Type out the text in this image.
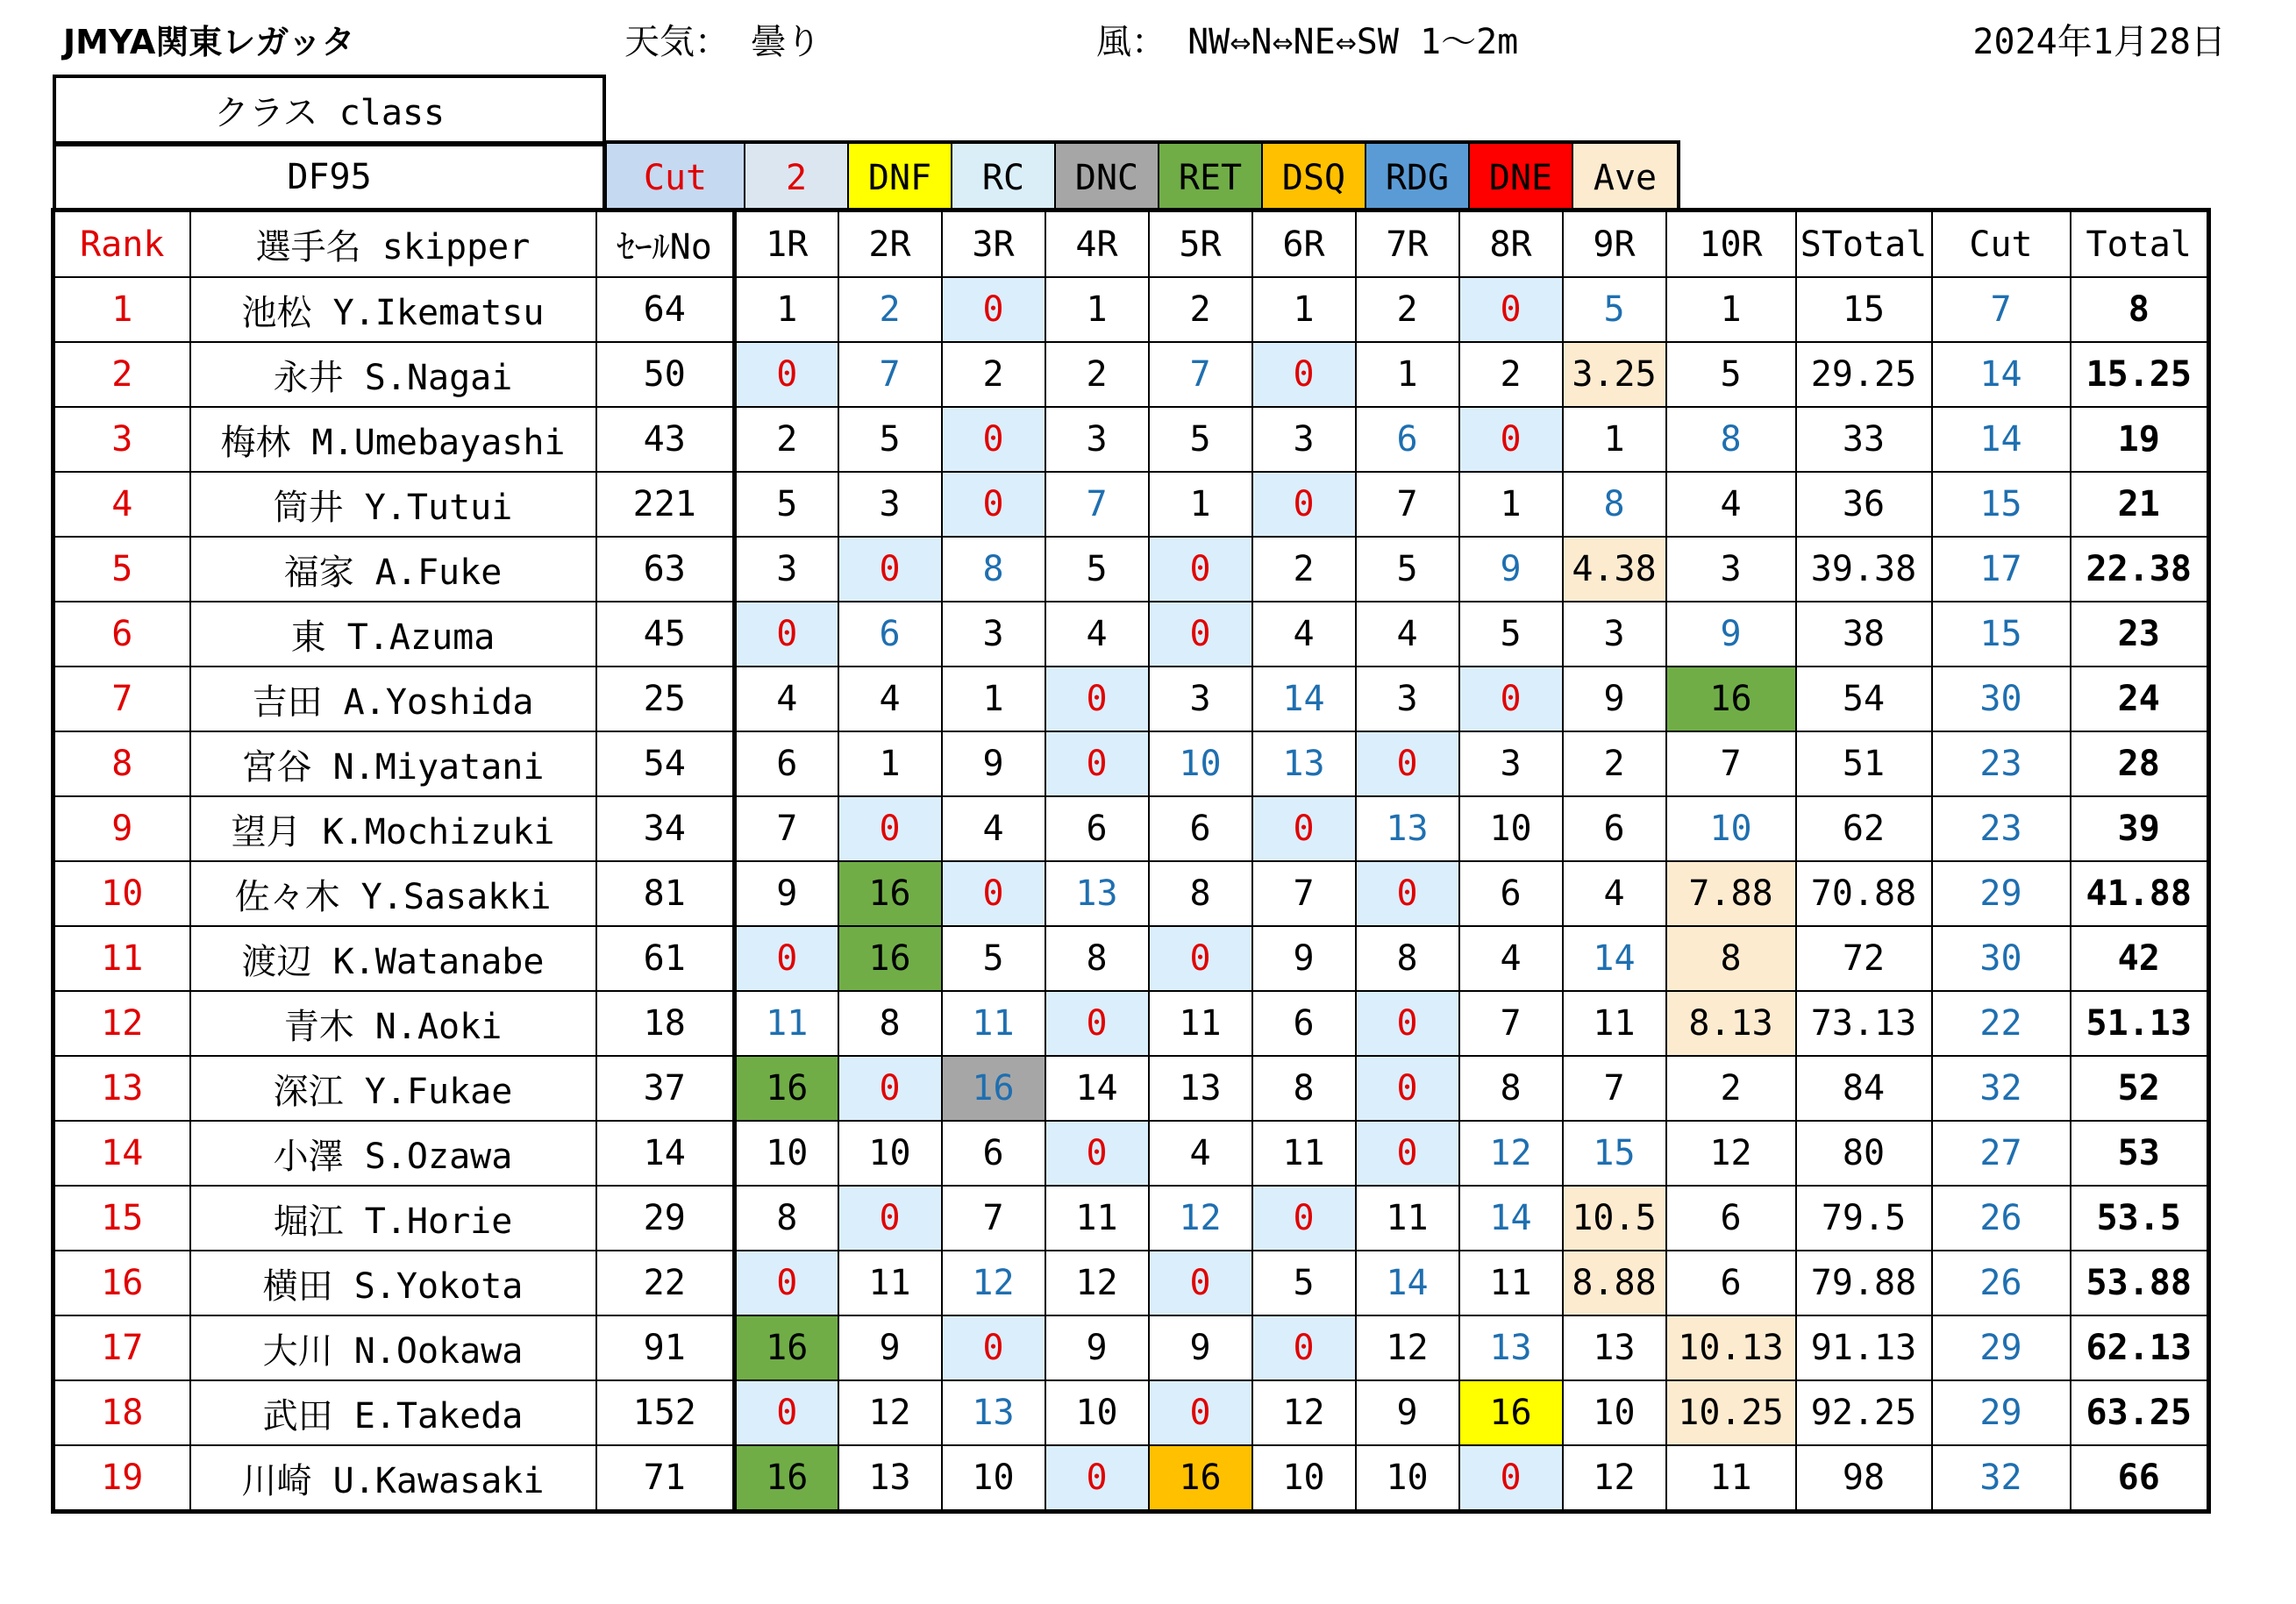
JMYA関東レガッタ	天気： 曇り	風： NW⇔N⇔NE⇔SW 1～2m	2024年1月28日
クラス class
DF95	Cut	2	DNF	RC	DNC	RET	DSQ	RDG	DNE	Ave
Rank	選手名 skipper	ｾｰﾙNo	1R	2R	3R	4R	5R	6R	7R	8R	9R	10R	STotal	Cut	Total
1	池松 Y.Ikematsu	64	1	2	0	1	2	1	2	0	5	1	15	7	8
2	永井 S.Nagai	50	0	7	2	2	7	0	1	2	3.25	5	29.25	14	15.25
3	梅林 M.Umebayashi	43	2	5	0	3	5	3	6	0	1	8	33	14	19
4	筒井 Y.Tutui	221	5	3	0	7	1	0	7	1	8	4	36	15	21
5	福家 A.Fuke	63	3	0	8	5	0	2	5	9	4.38	3	39.38	17	22.38
6	東 T.Azuma	45	0	6	3	4	0	4	4	5	3	9	38	15	23
7	吉田 A.Yoshida	25	4	4	1	0	3	14	3	0	9	16	54	30	24
8	宮谷 N.Miyatani	54	6	1	9	0	10	13	0	3	2	7	51	23	28
9	望月 K.Mochizuki	34	7	0	4	6	6	0	13	10	6	10	62	23	39
10	佐々木 Y.Sasakki	81	9	16	0	13	8	7	0	6	4	7.88	70.88	29	41.88
11	渡辺 K.Watanabe	61	0	16	5	8	0	9	8	4	14	8	72	30	42
12	青木 N.Aoki	18	11	8	11	0	11	6	0	7	11	8.13	73.13	22	51.13
13	深江 Y.Fukae	37	16	0	16	14	13	8	0	8	7	2	84	32	52
14	小澤 S.Ozawa	14	10	10	6	0	4	11	0	12	15	12	80	27	53
15	堀江 T.Horie	29	8	0	7	11	12	0	11	14	10.5	6	79.5	26	53.5
16	横田 S.Yokota	22	0	11	12	12	0	5	14	11	8.88	6	79.88	26	53.88
17	大川 N.Ookawa	91	16	9	0	9	9	0	12	13	13	10.13	91.13	29	62.13
18	武田 E.Takeda	152	0	12	13	10	0	12	9	16	10	10.25	92.25	29	63.25
19	川崎 U.Kawasaki	71	16	13	10	0	16	10	10	0	12	11	98	32	66
